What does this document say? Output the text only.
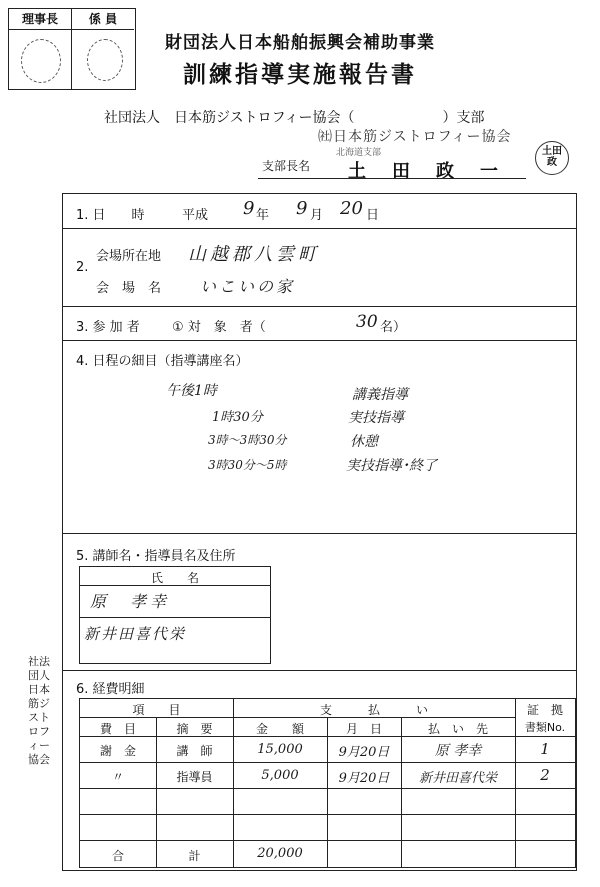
理事長	係 員
財団法人日本船舶振興会補助事業
訓練指導実施報告書
社団法人　日本筋ジストロフィー協会（	）支部
㈳日本筋ジストロフィー協会
北海道支部
支部長名 土田政一
土田政
1. 日　　時	平成 9 年 9 月 20 日
2.
会場所在地 山越郡八雲町
会　場　名 いこいの家
3. 参 加 者 ① 対　象　者（	30 名）
4. 日程の細目（指導講座名）
午後1時	講義指導
1時30分	実技指導
3時～3時30分	休憩
3時30分～5時	実技指導･終了
5. 講師名・指導員名及住所
氏　　名
原　孝幸
新井田喜代栄
6. 経費明細
項　　目	支　　　払　　　い	証　拠
書類No.
費　目	摘　要	金　　額	月　日	払　い　先
謝　金	講　師	15,000	9月20日	原 孝幸	1
〃	指導員	5,000	9月20日	新井田喜代栄	2
合	計	20,000
社法 団人 日本筋ジストロフィー協会
